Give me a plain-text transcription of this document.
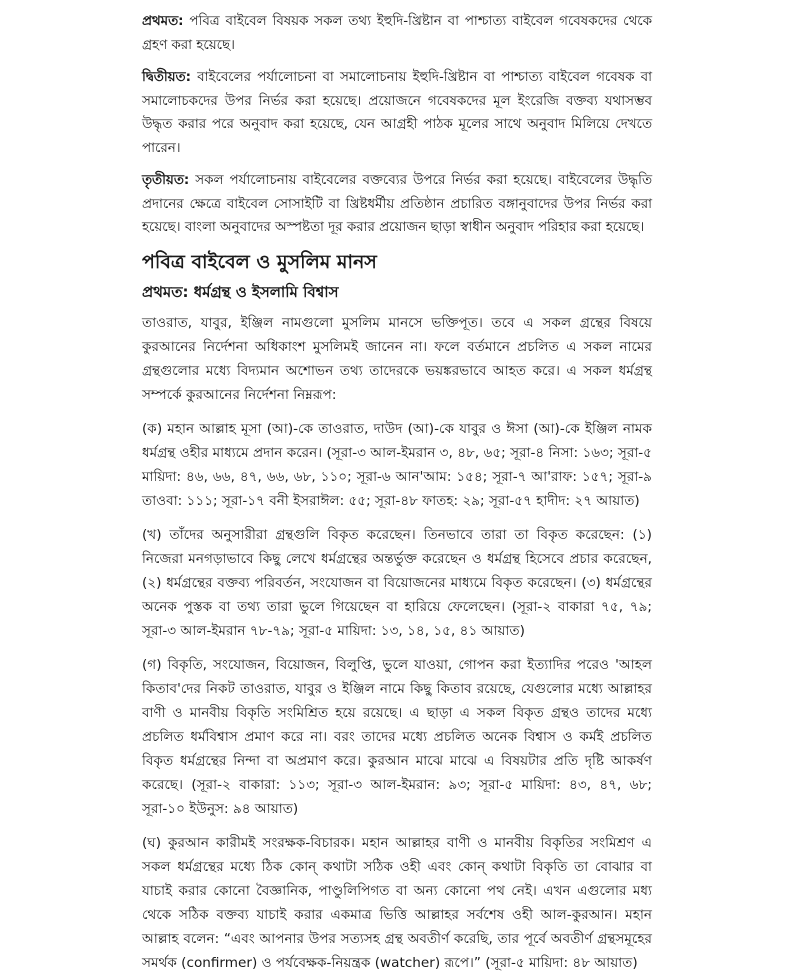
প্রথমত: পবিত্র বাইবেল বিষয়ক সকল তথ্য ইহুদি-খ্রিষ্টান বা পাশ্চাত্য বাইবেল গবেষকদের থেকে গ্রহণ করা হয়েছে।

দ্বিতীয়ত: বাইবেলের পর্যালোচনা বা সমালোচনায় ইহুদি-খ্রিষ্টান বা পাশ্চাত্য বাইবেল গবেষক বা সমালোচকদের উপর নির্ভর করা হয়েছে। প্রয়োজনে গবেষকদের মূল ইংরেজি বক্তব্য যথাসম্ভব উদ্ধৃত করার পরে অনুবাদ করা হয়েছে, যেন আগ্রহী পাঠক মূলের সাথে অনুবাদ মিলিয়ে দেখতে পারেন।

তৃতীয়ত: সকল পর্যালোচনায় বাইবেলের বক্তব্যের উপরে নির্ভর করা হয়েছে। বাইবেলের উদ্ধৃতি প্রদানের ক্ষেত্রে বাইবেল সোসাইটি বা খ্রিষ্টধর্মীয় প্রতিষ্ঠান প্রচারিত বঙ্গানুবাদের উপর নির্ভর করা হয়েছে। বাংলা অনুবাদের অস্পষ্টতা দূর করার প্রয়োজন ছাড়া স্বাধীন অনুবাদ পরিহার করা হয়েছে।

পবিত্র বাইবেল ও মুসলিম মানস
প্রথমত: ধর্মগ্রন্থ ও ইসলামি বিশ্বাস

তাওরাত, যাবুর, ইঞ্জিল নামগুলো মুসলিম মানসে ভক্তিপূত। তবে এ সকল গ্রন্থের বিষয়ে কুরআনের নির্দেশনা অধিকাংশ মুসলিমই জানেন না। ফলে বর্তমানে প্রচলিত এ সকল নামের গ্রন্থগুলোর মধ্যে বিদ্যমান অশোভন তথ্য তাদেরকে ভয়ঙ্করভাবে আহত করে। এ সকল ধর্মগ্রন্থ সম্পর্কে কুরআনের নির্দেশনা নিম্নরূপ:

(ক) মহান আল্লাহ মূসা (আ)-কে তাওরাত, দাউদ (আ)-কে যাবুর ও ঈসা (আ)-কে ইঞ্জিল নামক ধর্মগ্রন্থ ওহীর মাধ্যমে প্রদান করেন। (সূরা-৩ আল-ইমরান ৩, ৪৮, ৬৫; সূরা-৪ নিসা: ১৬৩; সূরা-৫ মায়িদা: ৪৬, ৬৬, ৪৭, ৬৬, ৬৮, ১১০; সূরা-৬ আন'আম: ১৫৪; সূরা-৭ আ'রাফ: ১৫৭; সূরা-৯ তাওবা: ১১১; সূরা-১৭ বনী ইসরাঈল: ৫৫; সূরা-৪৮ ফাতহ: ২৯; সূরা-৫৭ হাদীদ: ২৭ আয়াত)

(খ) তাঁদের অনুসারীরা গ্রন্থগুলি বিকৃত করেছেন। তিনভাবে তারা তা বিকৃত করেছেন: (১) নিজেরা মনগড়াভাবে কিছু লেখে ধর্মগ্রন্থের অন্তর্ভুক্ত করেছেন ও ধর্মগ্রন্থ হিসেবে প্রচার করেছেন, (২) ধর্মগ্রন্থের বক্তব্য পরিবর্তন, সংযোজন বা বিয়োজনের মাধ্যমে বিকৃত করেছেন। (৩) ধর্মগ্রন্থের অনেক পুস্তক বা তথ্য তারা ভুলে গিয়েছেন বা হারিয়ে ফেলেছেন। (সূরা-২ বাকারা ৭৫, ৭৯; সূরা-৩ আল-ইমরান ৭৮-৭৯; সূরা-৫ মায়িদা: ১৩, ১৪, ১৫, ৪১ আয়াত)

(গ) বিকৃতি, সংযোজন, বিয়োজন, বিলুপ্তি, ভুলে যাওয়া, গোপন করা ইত্যাদির পরেও 'আহল কিতাব'দের নিকট তাওরাত, যাবুর ও ইঞ্জিল নামে কিছু কিতাব রয়েছে, যেগুলোর মধ্যে আল্লাহর বাণী ও মানবীয় বিকৃতি সংমিশ্রিত হয়ে রয়েছে। এ ছাড়া এ সকল বিকৃত গ্রন্থও তাদের মধ্যে প্রচলিত ধর্মবিশ্বাস প্রমাণ করে না। বরং তাদের মধ্যে প্রচলিত অনেক বিশ্বাস ও কর্মই প্রচলিত বিকৃত ধর্মগ্রন্থের নিন্দা বা অপ্রমাণ করে। কুরআন মাঝে মাঝে এ বিষয়টার প্রতি দৃষ্টি আকর্ষণ করেছে। (সূরা-২ বাকারা: ১১৩; সূরা-৩ আল-ইমরান: ৯৩; সূরা-৫ মায়িদা: ৪৩, ৪৭, ৬৮; সূরা-১০ ইউনুস: ৯৪ আয়াত)

(ঘ) কুরআন কারীমই সংরক্ষক-বিচারক। মহান আল্লাহর বাণী ও মানবীয় বিকৃতির সংমিশ্রণ এ সকল ধর্মগ্রন্থের মধ্যে ঠিক কোন্ কথাটা সঠিক ওহী এবং কোন্ কথাটা বিকৃতি তা বোঝার বা যাচাই করার কোনো বৈজ্ঞানিক, পাণ্ডুলিপিগত বা অন্য কোনো পথ নেই। এখন এগুলোর মধ্য থেকে সঠিক বক্তব্য যাচাই করার একমাত্র ভিত্তি আল্লাহর সর্বশেষ ওহী আল-কুরআন। মহান আল্লাহ বলেন: “এবং আপনার উপর সত্যসহ গ্রন্থ অবতীর্ণ করেছি, তার পূর্বে অবতীর্ণ গ্রন্থসমূহের সমর্থক (confirmer) ও পর্যবেক্ষক-নিয়ন্ত্রক (watcher) রূপে।” (সূরা-৫ মায়িদা: ৪৮ আয়াত)
